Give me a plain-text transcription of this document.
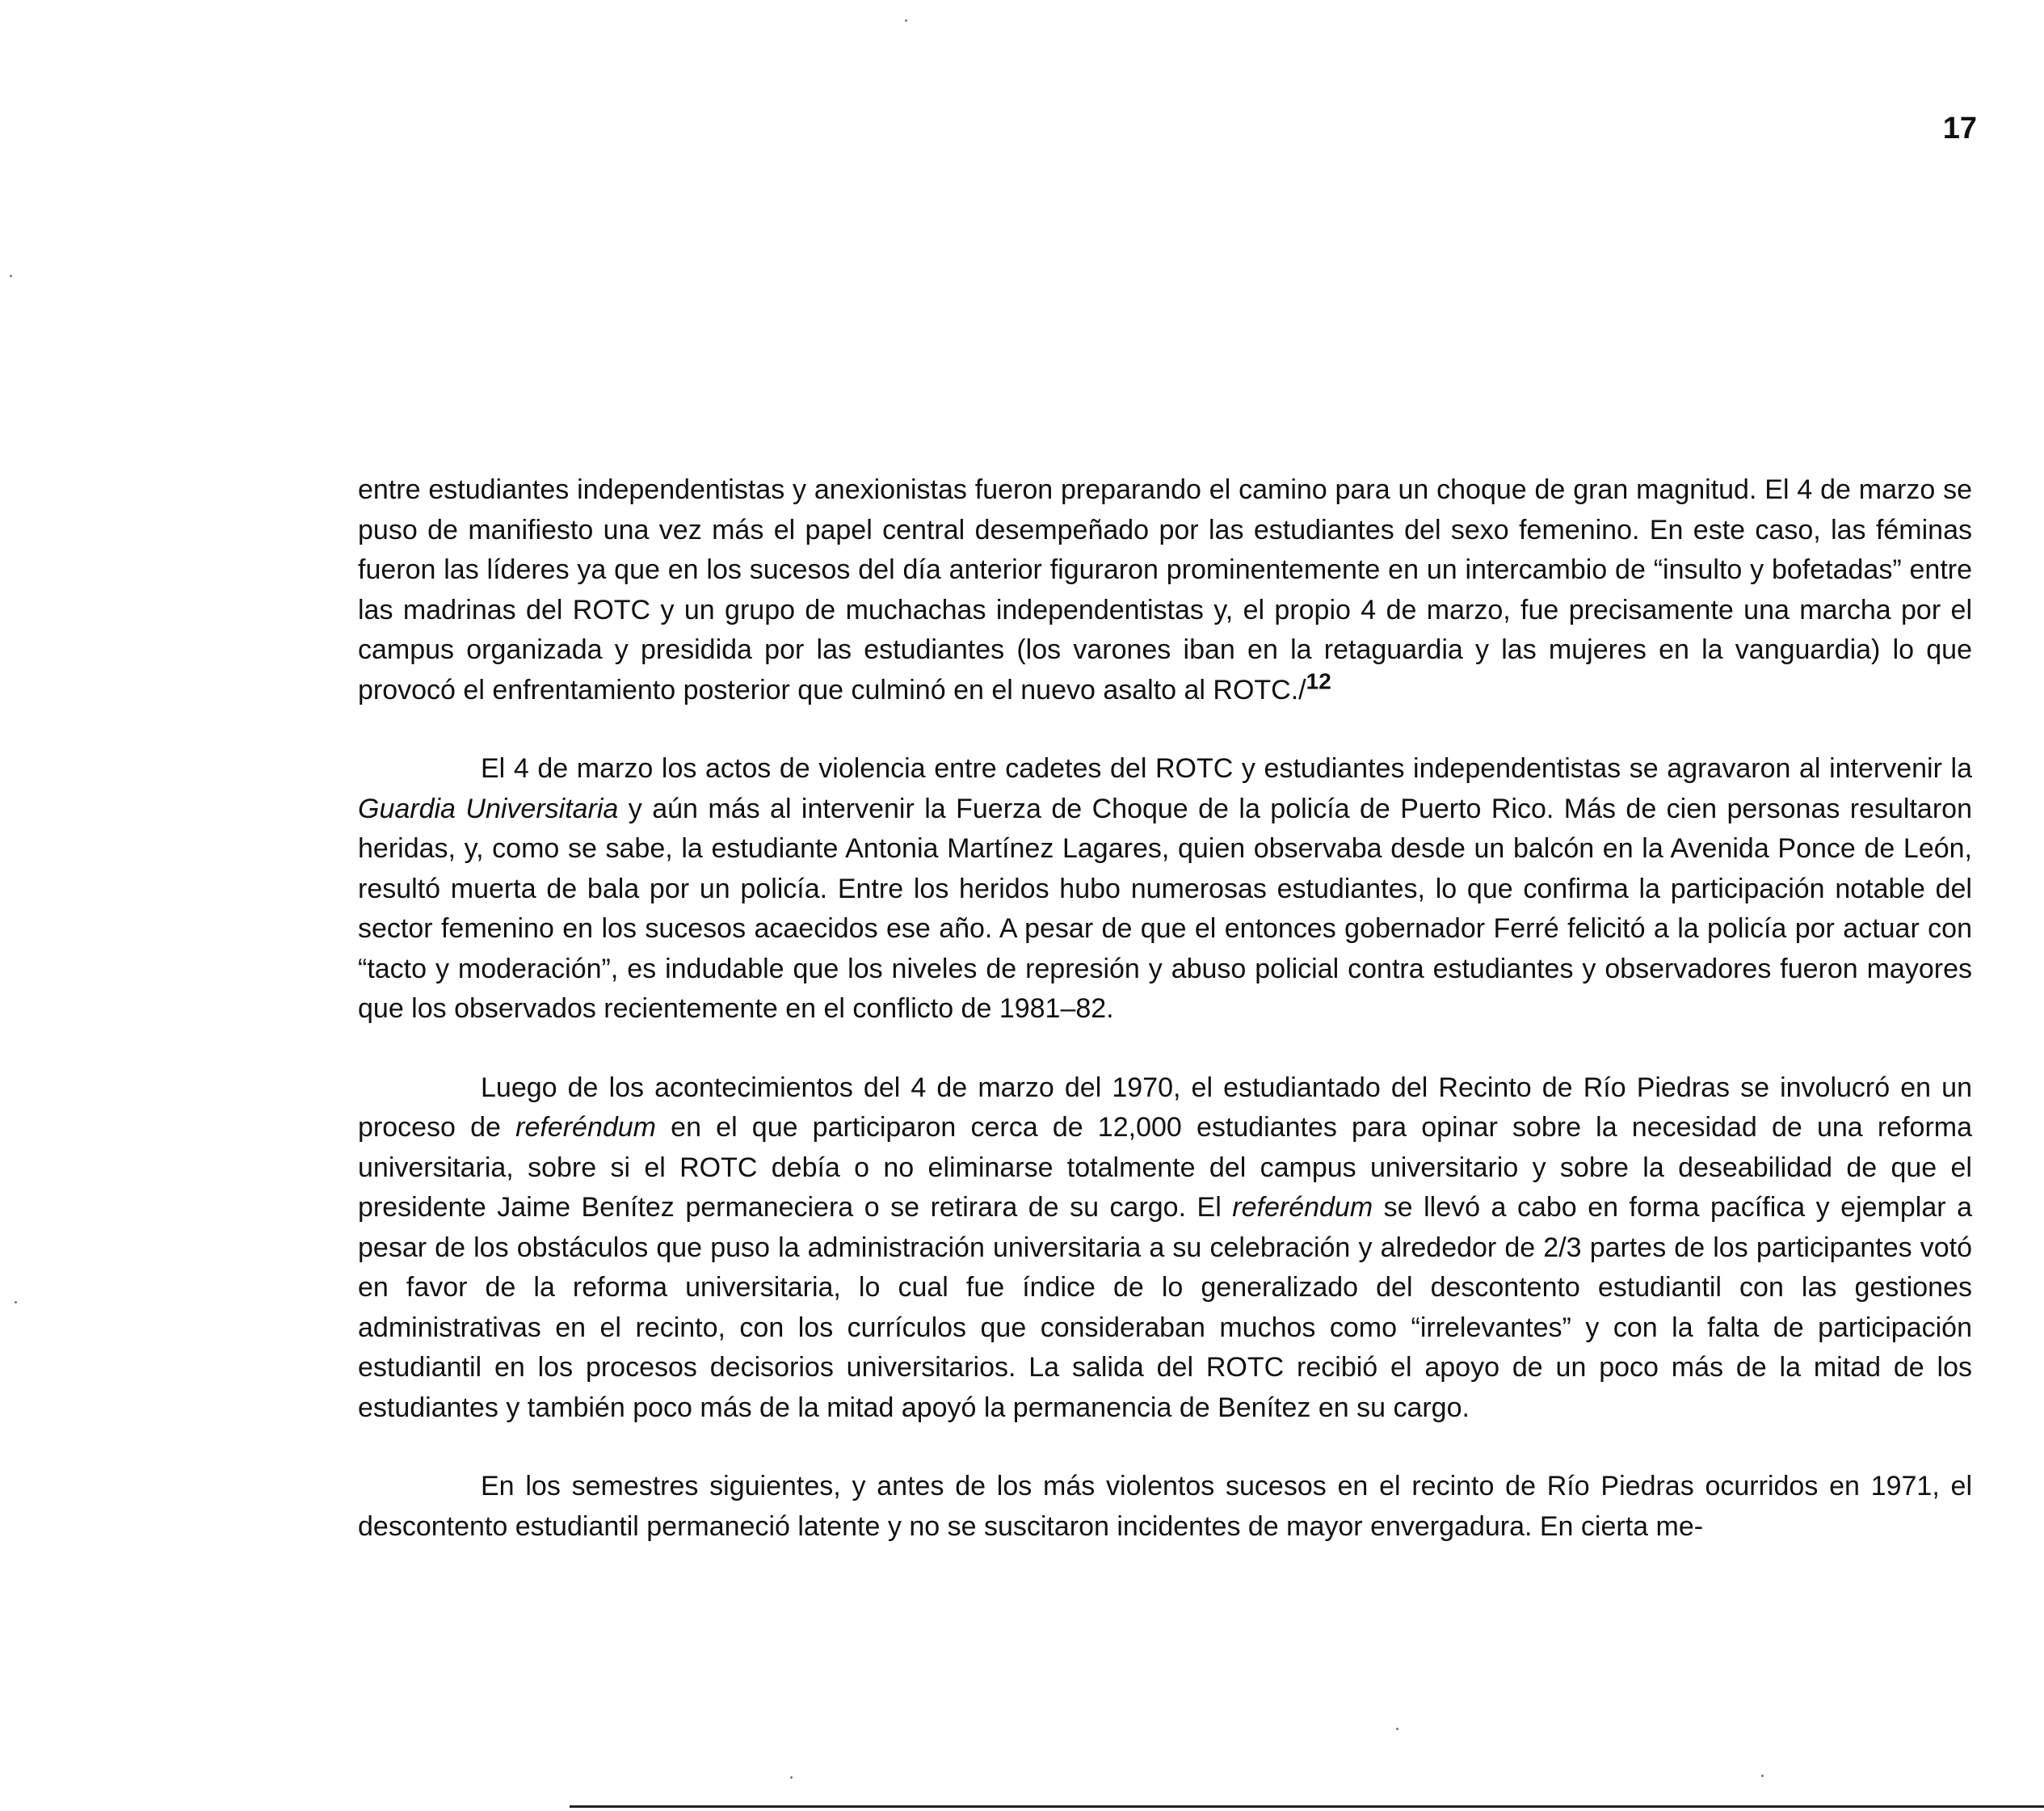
17

entre estudiantes independentistas y anexionistas fueron preparando el camino para un choque de gran magnitud. El 4 de marzo se puso de manifiesto una vez más el papel central desempeñado por las estudiantes del sexo femenino. En este caso, las féminas fueron las líderes ya que en los sucesos del día anterior figuraron prominentemente en un intercambio de “insulto y bofetadas” entre las madrinas del ROTC y un grupo de muchachas independentistas y, el propio 4 de marzo, fue precisamente una marcha por el campus organizada y presidida por las estudiantes (los varones iban en la retaguardia y las mujeres en la vanguardia) lo que provocó el enfrentamiento posterior que culminó en el nuevo asalto al ROTC./$^{12}$

El 4 de marzo los actos de violencia entre cadetes del ROTC y estudiantes independentistas se agravaron al intervenir la Guardia Universitaria y aún más al intervenir la Fuerza de Choque de la policía de Puerto Rico. Más de cien personas resultaron heridas, y, como se sabe, la estudiante Antonia Martínez Lagares, quien observaba desde un balcón en la Avenida Ponce de León, resultó muerta de bala por un policía. Entre los heridos hubo numerosas estudiantes, lo que confirma la participación notable del sector femenino en los sucesos acaecidos ese año. A pesar de que el entonces gobernador Ferré felicitó a la policía por actuar con “tacto y moderación”, es indudable que los niveles de represión y abuso policial contra estudiantes y observadores fueron mayores que los observados recientemente en el conflicto de 1981–82.

Luego de los acontecimientos del 4 de marzo del 1970, el estudiantado del Recinto de Río Piedras se involucró en un proceso de referéndum en el que participaron cerca de 12,000 estudiantes para opinar sobre la necesidad de una reforma universitaria, sobre si el ROTC debía o no eliminarse totalmente del campus universitario y sobre la deseabilidad de que el presidente Jaime Benítez permaneciera o se retirara de su cargo. El referéndum se llevó a cabo en forma pacífica y ejemplar a pesar de los obstáculos que puso la administración universitaria a su celebración y alrededor de 2/3 partes de los participantes votó en favor de la reforma universitaria, lo cual fue índice de lo generalizado del descontento estudiantil con las gestiones administrativas en el recinto, con los currículos que consideraban muchos como “irrelevantes” y con la falta de participación estudiantil en los procesos decisorios universitarios. La salida del ROTC recibió el apoyo de un poco más de la mitad de los estudiantes y también poco más de la mitad apoyó la permanencia de Benítez en su cargo.

En los semestres siguientes, y antes de los más violentos sucesos en el recinto de Río Piedras ocurridos en 1971, el descontento estudiantil permaneció latente y no se suscitaron incidentes de mayor envergadura. En cierta me-
